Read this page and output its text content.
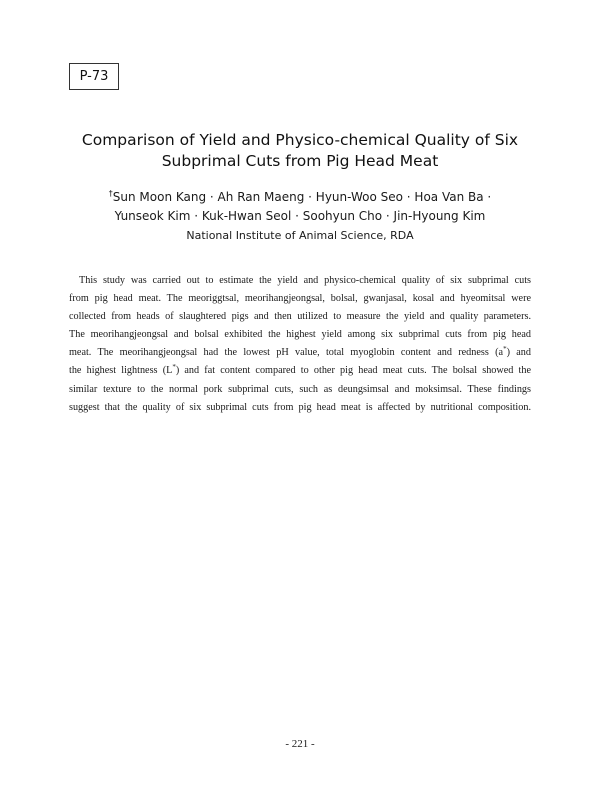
P-73
Comparison of Yield and Physico-chemical Quality of Six
Subprimal Cuts from Pig Head Meat
†Sun Moon Kang · Ah Ran Maeng · Hyun-Woo Seo · Hoa Van Ba ·
Yunseok Kim · Kuk-Hwan Seol · Soohyun Cho · Jin-Hyoung Kim
National Institute of Animal Science, RDA
This study was carried out to estimate the yield and physico-chemical quality of six subprimal cuts
from pig head meat. The meoriggtsal, meorihangjeongsal, bolsal, gwanjasal, kosal and hyeomitsal were
collected from heads of slaughtered pigs and then utilized to measure the yield and quality parameters.
The meorihangjeongsal and bolsal exhibited the highest yield among six subprimal cuts from pig head
meat. The meorihangjeongsal had the lowest pH value, total myoglobin content and redness (a*) and
the highest lightness (L*) and fat content compared to other pig head meat cuts. The bolsal showed the
similar texture to the normal pork subprimal cuts, such as deungsimsal and moksimsal. These findings
suggest that the quality of six subprimal cuts from pig head meat is affected by nutritional composition.
- 221 -
